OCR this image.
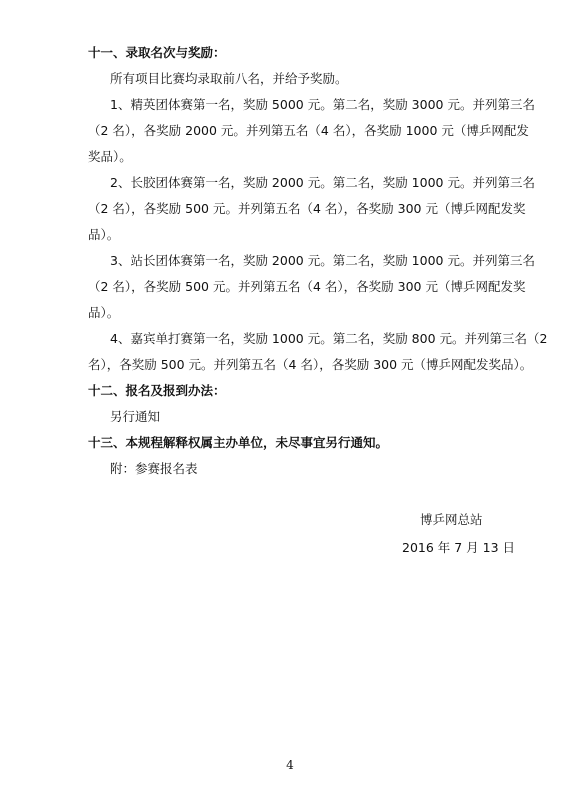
十一、录取名次与奖励：
所有项目比赛均录取前八名，并给予奖励。
1、精英团体赛第一名，奖励 5000 元。第二名，奖励 3000 元。并列第三名
（2 名），各奖励 2000 元。并列第五名（4 名），各奖励 1000 元（博乒网配发
奖品）。
2、长胶团体赛第一名，奖励 2000 元。第二名，奖励 1000 元。并列第三名
（2 名），各奖励 500 元。并列第五名（4 名），各奖励 300 元（博乒网配发奖
品）。
3、站长团体赛第一名，奖励 2000 元。第二名，奖励 1000 元。并列第三名
（2 名），各奖励 500 元。并列第五名（4 名），各奖励 300 元（博乒网配发奖
品）。
4、嘉宾单打赛第一名，奖励 1000 元。第二名，奖励 800 元。并列第三名（2
名），各奖励 500 元。并列第五名（4 名），各奖励 300 元（博乒网配发奖品）。
十二、报名及报到办法：
另行通知
十三、本规程解释权属主办单位，未尽事宜另行通知。
附：参赛报名表
博乒网总站
2016 年 7 月 13 日
4
